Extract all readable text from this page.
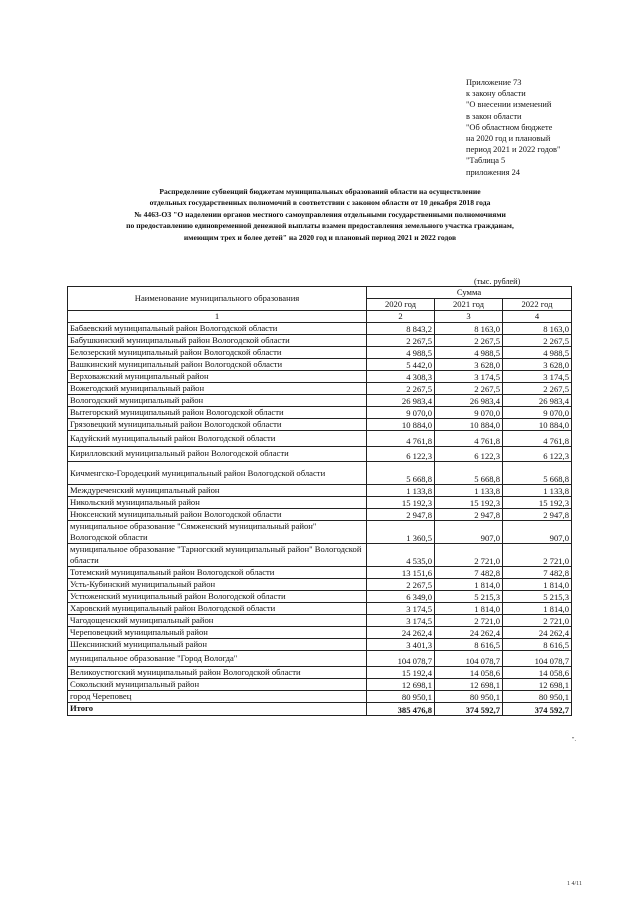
Приложение 73
к закону области
"О внесении изменений
в закон области
"Об областном бюджете
на 2020 год и плановый
период 2021 и 2022 годов"
"Таблица 5
приложения 24
Распределение субвенций бюджетам муниципальных образований области на осуществление
отдельных государственных полномочий в соответствии с законом области от 10 декабря 2018 года
№ 4463-ОЗ "О наделении органов местного самоуправления отдельными государственными полномочиями
по предоставлению единовременной денежной выплаты взамен предоставления земельного участка гражданам,
имеющим трех и более детей" на 2020 год и плановый период 2021 и 2022 годов
(тыс. рублей)
Наименование муниципального образования	Сумма		
	2020 год	2021 год	2022 год
1	2	3	4
Бабаевский муниципальный район Вологодской области	8 843,2	8 163,0	8 163,0
Бабушкинский муниципальный район Вологодской области	2 267,5	2 267,5	2 267,5
Белозерский муниципальный район Вологодской области	4 988,5	4 988,5	4 988,5
Вашкинский муниципальный район Вологодской области	5 442,0	3 628,0	3 628,0
Верховажский муниципальный район	4 308,3	3 174,5	3 174,5
Вожегодский муниципальный район	2 267,5	2 267,5	2 267,5
Вологодский муниципальный район	26 983,4	26 983,4	26 983,4
Вытегорский муниципальный район Вологодской области	9 070,0	9 070,0	9 070,0
Грязовецкий муниципальный район Вологодской области	10 884,0	10 884,0	10 884,0
Кадуйский муниципальный район Вологодской области	4 761,8	4 761,8	4 761,8
Кирилловский муниципальный район Вологодской области	6 122,3	6 122,3	6 122,3
Кичменгско-Городецкий муниципальный район Вологодской области	5 668,8	5 668,8	5 668,8
Междуреченский муниципальный район	1 133,8	1 133,8	1 133,8
Никольский муниципальный район	15 192,3	15 192,3	15 192,3
Нюксенский муниципальный район Вологодской области	2 947,8	2 947,8	2 947,8
муниципальное образование "Сямженский муниципальный район" Вологодской области	1 360,5	907,0	907,0
муниципальное образование "Тарногский муниципальный район" Вологодской области	4 535,0	2 721,0	2 721,0
Тотемский муниципальный район Вологодской области	13 151,6	7 482,8	7 482,8
Усть-Кубинский муниципальный район	2 267,5	1 814,0	1 814,0
Устюженский муниципальный район Вологодской области	6 349,0	5 215,3	5 215,3
Харовский муниципальный район Вологодской области	3 174,5	1 814,0	1 814,0
Чагодощенский муниципальный район	3 174,5	2 721,0	2 721,0
Череповецкий муниципальный район	24 262,4	24 262,4	24 262,4
Шекснинский муниципальный район	3 401,3	8 616,5	8 616,5
муниципальное образование "Город Вологда"	104 078,7	104 078,7	104 078,7
Великоустюгский муниципальный район Вологодской области	15 192,4	14 058,6	14 058,6
Сокольский муниципальный район	12 698,1	12 698,1	12 698,1
город Череповец	80 950,1	80 950,1	80 950,1
Итого	385 476,8	374 592,7	374 592,7
".
1 4/11
